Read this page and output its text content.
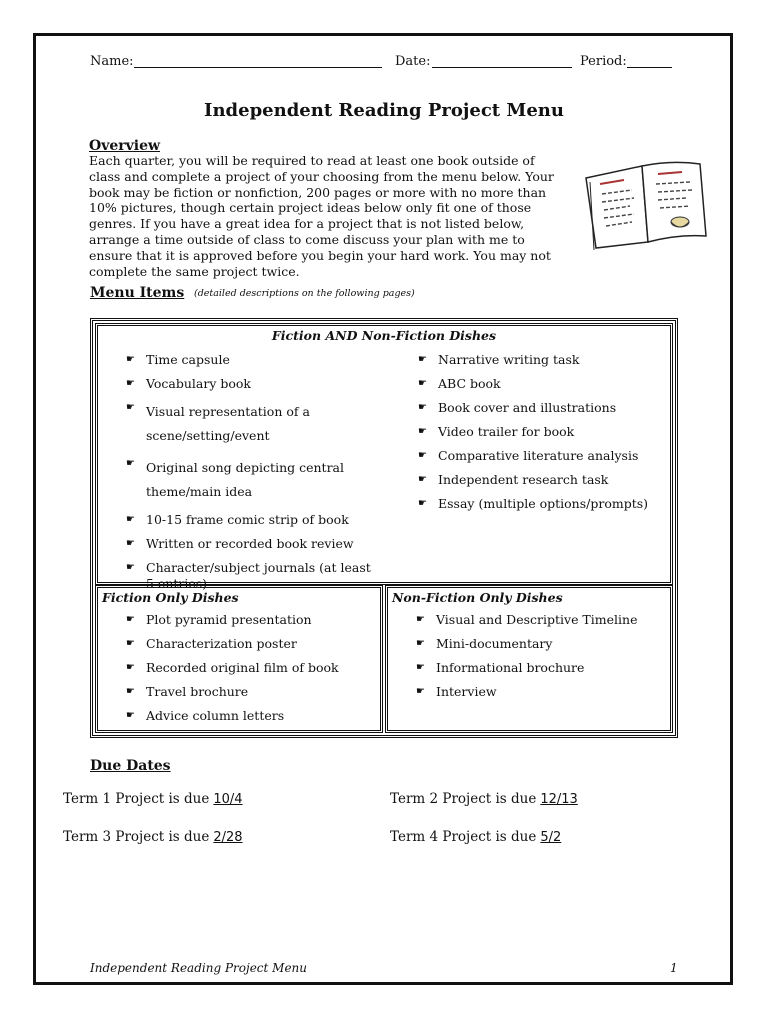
Name:	Date:	Period:
Independent Reading Project Menu
Overview
Each quarter, you will be required to read at least one book outside of class and complete a project of your choosing from the menu below. Your book may be fiction or nonfiction, 200 pages or more with no more than 10% pictures, though certain project ideas below only fit one of those genres. If you have a great idea for a project that is not listed below, arrange a time outside of class to come discuss your plan with me to ensure that it is approved before you begin your hard work. You may not complete the same project twice.
Menu Items (detailed descriptions on the following pages)
Fiction AND Non-Fiction Dishes
☛ Time capsule
☛ Vocabulary book
☛ Visual representation of a scene/setting/event
☛ Original song depicting central theme/main idea
☛ 10-15 frame comic strip of book
☛ Written or recorded book review
☛ Character/subject journals (at least 5 entries)
☛ Narrative writing task
☛ ABC book
☛ Book cover and illustrations
☛ Video trailer for book
☛ Comparative literature analysis
☛ Independent research task
☛ Essay (multiple options/prompts)
Fiction Only Dishes
☛ Plot pyramid presentation
☛ Characterization poster
☛ Recorded original film of book
☛ Travel brochure
☛ Advice column letters
Non-Fiction Only Dishes
☛ Visual and Descriptive Timeline
☛ Mini-documentary
☛ Informational brochure
☛ Interview
Due Dates
Term 1 Project is due 10/4	Term 2 Project is due 12/13
Term 3 Project is due 2/28	Term 4 Project is due 5/2
Independent Reading Project Menu	1
